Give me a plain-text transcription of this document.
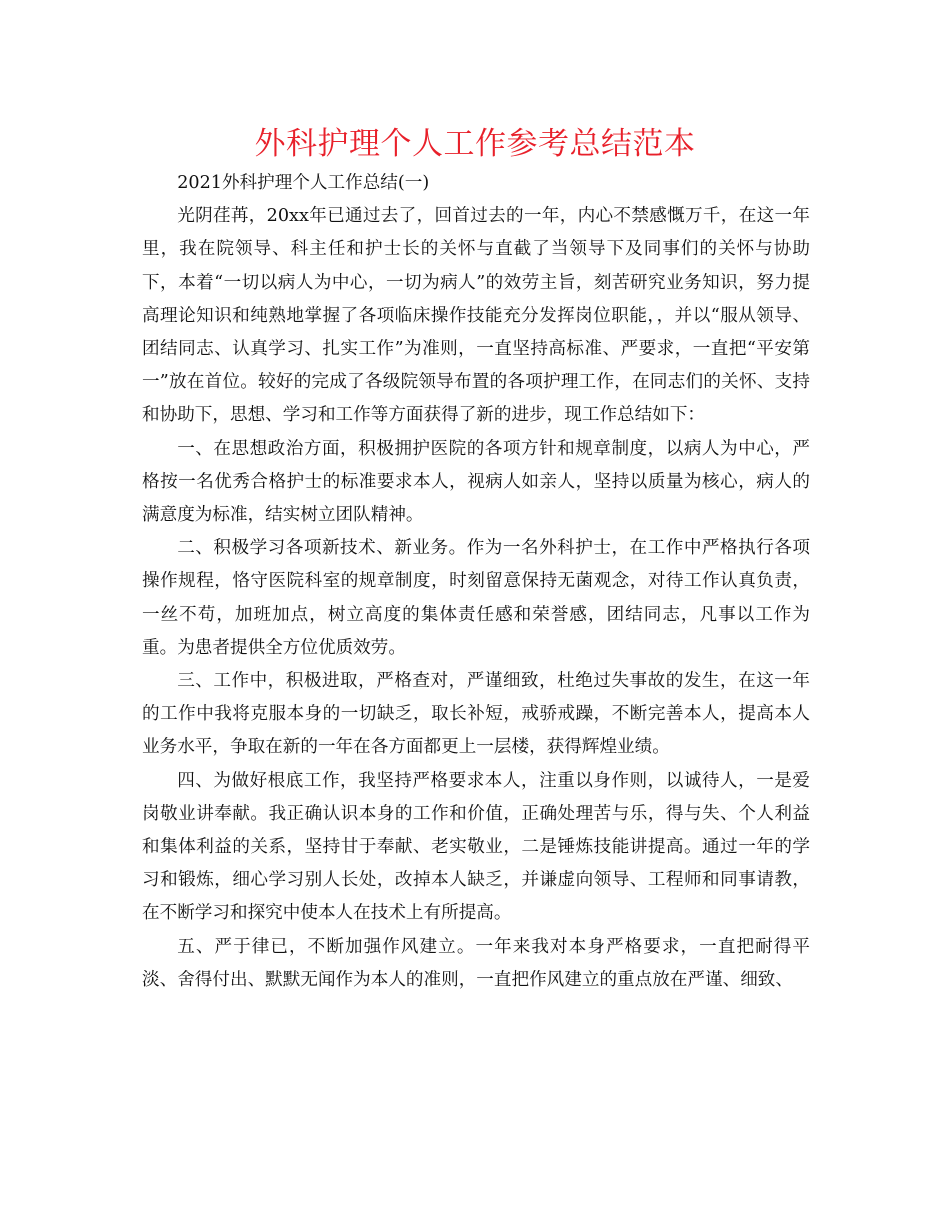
外科护理个人工作参考总结范本

2021外科护理个人工作总结(一)

光阴荏苒，20xx年已通过去了，回首过去的一年，内心不禁感慨万千，在这一年里，我在院领导、科主任和护士长的关怀与直截了当领导下及同事们的关怀与协助下，本着“一切以病人为中心，一切为病人”的效劳主旨，刻苦研究业务知识，努力提高理论知识和纯熟地掌握了各项临床操作技能充分发挥岗位职能，，并以“服从领导、团结同志、认真学习、扎实工作”为准则，一直坚持高标准、严要求，一直把“平安第一”放在首位。较好的完成了各级院领导布置的各项护理工作，在同志们的关怀、支持和协助下，思想、学习和工作等方面获得了新的进步，现工作总结如下：

一、在思想政治方面，积极拥护医院的各项方针和规章制度，以病人为中心，严格按一名优秀合格护士的标准要求本人，视病人如亲人，坚持以质量为核心，病人的满意度为标准，结实树立团队精神。

二、积极学习各项新技术、新业务。作为一名外科护士，在工作中严格执行各项操作规程，恪守医院科室的规章制度，时刻留意保持无菌观念，对待工作认真负责，一丝不苟，加班加点，树立高度的集体责任感和荣誉感，团结同志，凡事以工作为重。为患者提供全方位优质效劳。

三、工作中，积极进取，严格查对，严谨细致，杜绝过失事故的发生，在这一年的工作中我将克服本身的一切缺乏，取长补短，戒骄戒躁，不断完善本人，提高本人业务水平，争取在新的一年在各方面都更上一层楼，获得辉煌业绩。

四、为做好根底工作，我坚持严格要求本人，注重以身作则，以诚待人，一是爱岗敬业讲奉献。我正确认识本身的工作和价值，正确处理苦与乐，得与失、个人利益和集体利益的关系，坚持甘于奉献、老实敬业，二是锤炼技能讲提高。通过一年的学习和锻炼，细心学习别人长处，改掉本人缺乏，并谦虚向领导、工程师和同事请教，在不断学习和探究中使本人在技术上有所提高。

五、严于律已，不断加强作风建立。一年来我对本身严格要求，一直把耐得平淡、舍得付出、默默无闻作为本人的准则，一直把作风建立的重点放在严谨、细致、
